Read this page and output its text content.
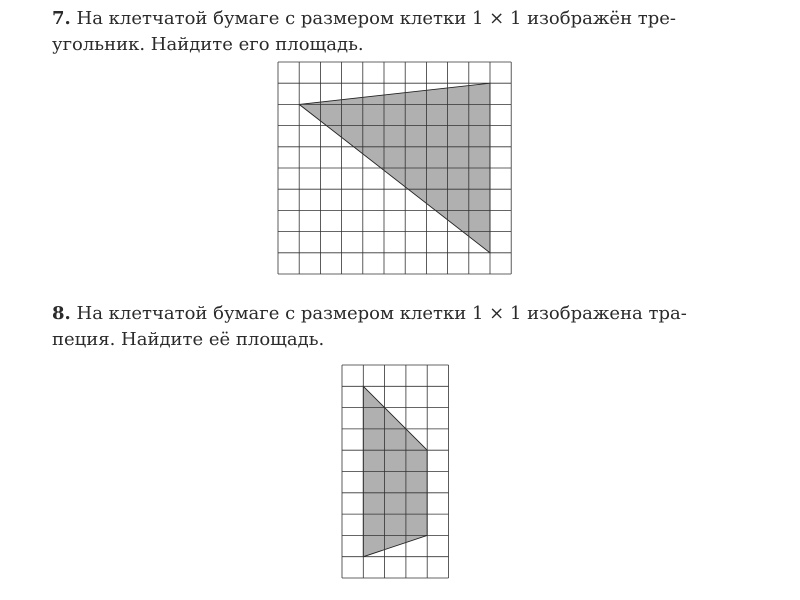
7. На клетчатой бумаге с размером клетки 1 × 1 изображён тре-
угольник. Найдите его площадь.

8. На клетчатой бумаге с размером клетки 1 × 1 изображена тра-
пеция. Найдите её площадь.
